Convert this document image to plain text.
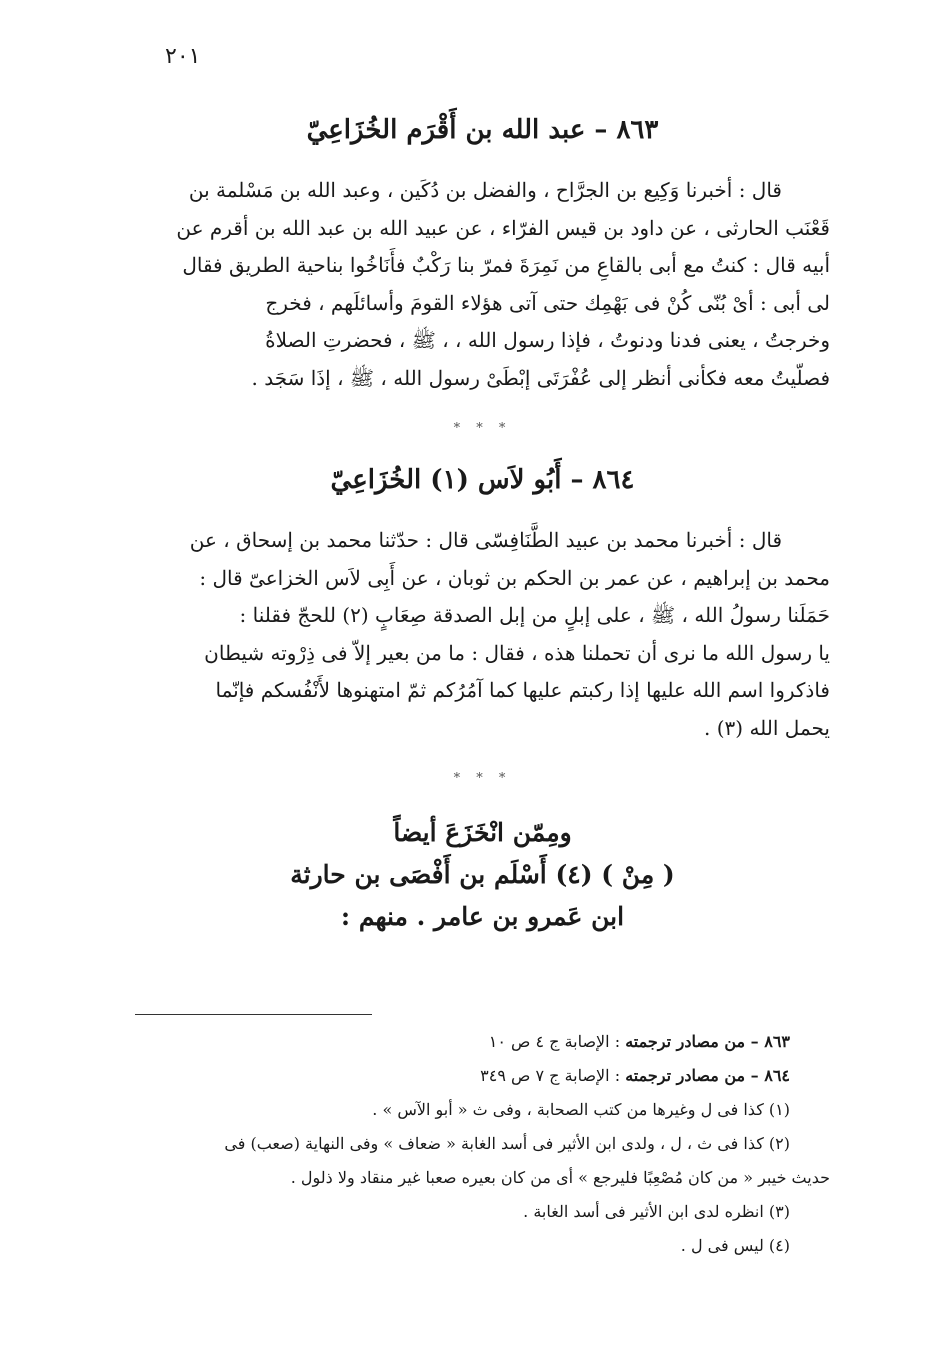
٢٠١
٨٦٣ – عبد الله بن أَقْرَم الخُزَاعِيّ

قال : أخبرنا وَكِيع بن الجرَّاح ، والفضل بن دُكَين ، وعبد الله بن مَسْلمة بن

قَعْنَب الحارثى ، عن داود بن قيس الفرّاء ، عن عبيد الله بن عبد الله بن أقرم عن

أبيه قال : كنتُ مع أبى بالقاعِ من نَمِرَةَ فمرّ بنا رَكْبٌ فأَنَاخُوا بناحية الطريق فقال

لى أبى : أىْ بُنّى كُنْ فى بَهْمِك حتى آتى هؤلاء القومَ وأسائلَهم ، فخرج

وخرجتُ ، يعنى فدنا ودنوتُ ، فإذا رسول الله ، ، ﷺ ، فحضرتِ الصلاةُ

فصلّيتُ معه فكأنى أنظر إلى عُفْرَتَى إبْطَىْ رسول الله ، ﷺ ، إذَا سَجَد .

* * *
٨٦٤ – أَبُو لاَس (١) الخُزَاعِيّ

قال : أخبرنا محمد بن عبيد الطَّنَافِسّى قال : حدّثنا محمد بن إسحاق ، عن

محمد بن إبراهيم ، عن عمر بن الحكم بن ثوبان ، عن أَبِى لاَس الخزاعىّ قال :

حَمَلَنا رسولُ الله ، ﷺ ، على إبلٍ من إبل الصدقة صِعَابٍ (٢) للحجّ فقلنا :

يا رسول الله ما نرى أن تحملنا هذه ، فقال : ما من بعير إلاّ فى ذِرْوته شيطان

فاذكروا اسم الله عليها إذا ركبتم عليها كما آمُرُكم ثمّ امتهنوها لأَنْفُسكم فإنّما

يحمل الله (٣) .

* * *

ومِمّن انْخَزَعَ أيضاً

( مِنْ ) (٤) أَسْلَم بن أَفْصَى بن حارثة

ابن عَمرو بن عامر . منهم :

٨٦٣ – من مصادر ترجمته : الإصابة ج ٤ ص ١٠

٨٦٤ – من مصادر ترجمته : الإصابة ج ٧ ص ٣٤٩

(١) كذا فى ل وغيرها من كتب الصحابة ، وفى ث « أبو الآس » .

(٢) كذا فى ث ، ل ، ولدى ابن الأثير فى أسد الغابة « ضعاف » وفى النهاية (صعب) فى

حديث خيبر « من كان مُصْعِبًا فليرجع » أى من كان بعيره صعبا غير منقاد ولا ذلول .

(٣) انظره لدى ابن الأثير فى أسد الغابة .

(٤) ليس فى ل .
